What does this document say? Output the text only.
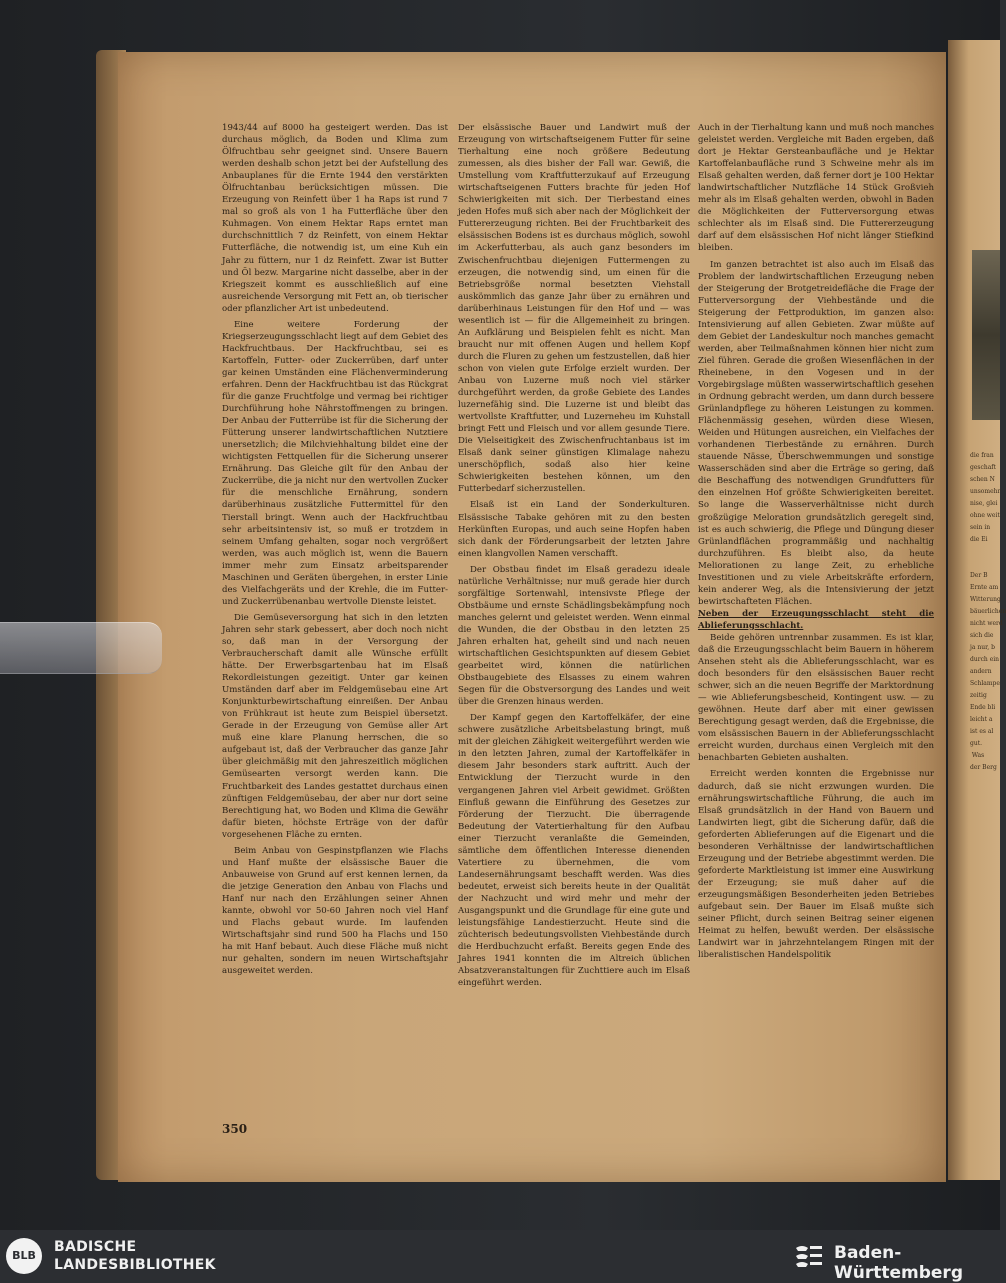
die fran
geschaft
schen N
unsomehr
nise, glei
ohne weit
sein in
die Ei

Der B
Ernte am
Witterung
bäuerlichen
nicht werd
sich die
ja nur, b
durch ein
andern
Schlampe
zeitig
Ende bli
leicht a
ist es al
gut.
Was
der Berg

1943/44 auf 8000 ha gesteigert werden. Das ist durchaus möglich, da Boden und Klima zum Ölfruchtbau sehr geeignet sind. Unsere Bauern werden deshalb schon jetzt bei der Aufstellung des Anbauplanes für die Ernte 1944 den verstärkten Ölfruchtanbau berücksichtigen müssen. Die Erzeugung von Reinfett über 1 ha Raps ist rund 7 mal so groß als von 1 ha Futterfläche über den Kuhmagen. Von einem Hektar Raps erntet man durchschnittlich 7 dz Reinfett, von einem Hektar Futterfläche, die notwendig ist, um eine Kuh ein Jahr zu füttern, nur 1 dz Reinfett. Zwar ist Butter und Öl bezw. Margarine nicht dasselbe, aber in der Kriegszeit kommt es ausschließlich auf eine ausreichende Versorgung mit Fett an, ob tierischer oder pflanzlicher Art ist unbedeutend.

Eine weitere Forderung der Kriegserzeugungsschlacht liegt auf dem Gebiet des Hackfruchtbaus. Der Hackfruchtbau, sei es Kartoffeln, Futter- oder Zuckerrüben, darf unter gar keinen Umständen eine Flächenverminderung erfahren. Denn der Hackfruchtbau ist das Rückgrat für die ganze Fruchtfolge und vermag bei richtiger Durchführung hohe Nährstoffmengen zu bringen. Der Anbau der Futterrübe ist für die Sicherung der Fütterung unserer landwirtschaftlichen Nutztiere unersetzlich; die Milchviehhaltung bildet eine der wichtigsten Fettquellen für die Sicherung unserer Ernährung. Das Gleiche gilt für den Anbau der Zuckerrübe, die ja nicht nur den wertvollen Zucker für die menschliche Ernährung, sondern darüberhinaus zusätzliche Futtermittel für den Tierstall bringt. Wenn auch der Hackfruchtbau sehr arbeitsintensiv ist, so muß er trotzdem in seinem Umfang gehalten, sogar noch vergrößert werden, was auch möglich ist, wenn die Bauern immer mehr zum Einsatz arbeitsparender Maschinen und Geräten übergehen, in erster Linie des Vielfachgeräts und der Krehle, die im Futter- und Zuckerrübenanbau wertvolle Dienste leistet.

Die Gemüseversorgung hat sich in den letzten Jahren sehr stark gebessert, aber doch noch nicht so, daß man in der Versorgung der Verbraucherschaft damit alle Wünsche erfüllt hätte. Der Erwerbsgartenbau hat im Elsaß Rekordleistungen gezeitigt. Unter gar keinen Umständen darf aber im Feldgemüsebau eine Art Konjunkturbewirtschaftung einreißen. Der Anbau von Frühkraut ist heute zum Beispiel übersetzt. Gerade in der Erzeugung von Gemüse aller Art muß eine klare Planung herrschen, die so aufgebaut ist, daß der Verbraucher das ganze Jahr über gleichmäßig mit den jahreszeitlich möglichen Gemüsearten versorgt werden kann. Die Fruchtbarkeit des Landes gestattet durchaus einen zünftigen Feldgemüsebau, der aber nur dort seine Berechtigung hat, wo Boden und Klima die Gewähr dafür bieten, höchste Erträge von der dafür vorgesehenen Fläche zu ernten.

Beim Anbau von Gespinstpflanzen wie Flachs und Hanf mußte der elsässische Bauer die Anbauweise von Grund auf erst kennen lernen, da die jetzige Generation den Anbau von Flachs und Hanf nur nach den Erzählungen seiner Ahnen kannte, obwohl vor 50-60 Jahren noch viel Hanf und Flachs gebaut wurde. Im laufenden Wirtschaftsjahr sind rund 500 ha Flachs und 150 ha mit Hanf bebaut. Auch diese Fläche muß nicht nur gehalten, sondern im neuen Wirtschaftsjahr ausgeweitet werden.

Der elsässische Bauer und Landwirt muß der Erzeugung von wirtschaftseigenem Futter für seine Tierhaltung eine noch größere Bedeutung zumessen, als dies bisher der Fall war. Gewiß, die Umstellung vom Kraftfutterzukauf auf Erzeugung wirtschaftseigenen Futters brachte für jeden Hof Schwierigkeiten mit sich. Der Tierbestand eines jeden Hofes muß sich aber nach der Möglichkeit der Futtererzeugung richten. Bei der Fruchtbarkeit des elsässischen Bodens ist es durchaus möglich, sowohl im Ackerfutterbau, als auch ganz besonders im Zwischenfruchtbau diejenigen Futtermengen zu erzeugen, die notwendig sind, um einen für die Betriebsgröße normal besetzten Viehstall auskömmlich das ganze Jahr über zu ernähren und darüberhinaus Leistungen für den Hof und — was wesentlich ist — für die Allgemeinheit zu bringen. An Aufklärung und Beispielen fehlt es nicht. Man braucht nur mit offenen Augen und hellem Kopf durch die Fluren zu gehen um festzustellen, daß hier schon von vielen gute Erfolge erzielt wurden. Der Anbau von Luzerne muß noch viel stärker durchgeführt werden, da große Gebiete des Landes luzernefähig sind. Die Luzerne ist und bleibt das wertvollste Kraftfutter, und Luzerneheu im Kuhstall bringt Fett und Fleisch und vor allem gesunde Tiere. Die Vielseitigkeit des Zwischenfruchtanbaus ist im Elsaß dank seiner günstigen Klimalage nahezu unerschöpflich, sodaß also hier keine Schwierigkeiten bestehen können, um den Futterbedarf sicherzustellen.

Elsaß ist ein Land der Sonderkulturen. Elsässische Tabake gehören mit zu den besten Herkünften Europas, und auch seine Hopfen haben sich dank der Förderungsarbeit der letzten Jahre einen klangvollen Namen verschafft.

Der Obstbau findet im Elsaß geradezu ideale natürliche Verhältnisse; nur muß gerade hier durch sorgfältige Sortenwahl, intensivste Pflege der Obstbäume und ernste Schädlingsbekämpfung noch manches gelernt und geleistet werden. Wenn einmal die Wunden, die der Obstbau in den letzten 25 Jahren erhalten hat, geheilt sind und nach neuen wirtschaftlichen Gesichtspunkten auf diesem Gebiet gearbeitet wird, können die natürlichen Obstbaugebiete des Elsasses zu einem wahren Segen für die Obstversorgung des Landes und weit über die Grenzen hinaus werden.

Der Kampf gegen den Kartoffelkäfer, der eine schwere zusätzliche Arbeitsbelastung bringt, muß mit der gleichen Zähigkeit weitergeführt werden wie in den letzten Jahren, zumal der Kartoffelkäfer in diesem Jahr besonders stark auftritt. Auch der Entwicklung der Tierzucht wurde in den vergangenen Jahren viel Arbeit gewidmet. Größten Einfluß gewann die Einführung des Gesetzes zur Förderung der Tierzucht. Die überragende Bedeutung der Vatertierhaltung für den Aufbau einer Tierzucht veranlaßte die Gemeinden, sämtliche dem öffentlichen Interesse dienenden Vatertiere zu übernehmen, die vom Landesernährungsamt beschafft werden. Was dies bedeutet, erweist sich bereits heute in der Qualität der Nachzucht und wird mehr und mehr der Ausgangspunkt und die Grundlage für eine gute und leistungsfähige Landestierzucht. Heute sind die züchterisch bedeutungsvollsten Viehbestände durch die Herdbuchzucht erfaßt. Bereits gegen Ende des Jahres 1941 konnten die im Altreich üblichen Absatzveranstaltungen für Zuchttiere auch im Elsaß eingeführt werden.

Auch in der Tierhaltung kann und muß noch manches geleistet werden. Vergleiche mit Baden ergeben, daß dort je Hektar Gersteanbaufläche und je Hektar Kartoffelanbaufläche rund 3 Schweine mehr als im Elsaß gehalten werden, daß ferner dort je 100 Hektar landwirtschaftlicher Nutzfläche 14 Stück Großvieh mehr als im Elsaß gehalten werden, obwohl in Baden die Möglichkeiten der Futterversorgung etwas schlechter als im Elsaß sind. Die Futtererzeugung darf auf dem elsässischen Hof nicht länger Stiefkind bleiben.

Im ganzen betrachtet ist also auch im Elsaß das Problem der landwirtschaftlichen Erzeugung neben der Steigerung der Brotgetreidefläche die Frage der Futterversorgung der Viehbestände und die Steigerung der Fettproduktion, im ganzen also: Intensivierung auf allen Gebieten. Zwar müßte auf dem Gebiet der Landeskultur noch manches gemacht werden, aber Teilmaßnahmen können hier nicht zum Ziel führen. Gerade die großen Wiesenflächen in der Rheinebene, in den Vogesen und in der Vorgebirgslage müßten wasserwirtschaftlich gesehen in Ordnung gebracht werden, um dann durch bessere Grünlandpflege zu höheren Leistungen zu kommen. Flächenmässig gesehen, würden diese Wiesen, Weiden und Hütungen ausreichen, ein Vielfaches der vorhandenen Tierbestände zu ernähren. Durch stauende Nässe, Überschwemmungen und sonstige Wasserschäden sind aber die Erträge so gering, daß die Beschaffung des notwendigen Grundfutters für den einzelnen Hof größte Schwierigkeiten bereitet. So lange die Wasserverhältnisse nicht durch großzügige Meloration grundsätzlich geregelt sind, ist es auch schwierig, die Pflege und Düngung dieser Grünlandflächen programmäßig und nachhaltig durchzuführen. Es bleibt also, da heute Meliorationen zu lange Zeit, zu erhebliche Investitionen und zu viele Arbeitskräfte erfordern, kein anderer Weg, als die Intensivierung der jetzt bewirtschafteten Flächen.

Neben der Erzeugungsschlacht steht die Ablieferungsschlacht.

Beide gehören untrennbar zusammen. Es ist klar, daß die Erzeugungsschlacht beim Bauern in höherem Ansehen steht als die Ablieferungsschlacht, war es doch besonders für den elsässischen Bauer recht schwer, sich an die neuen Begriffe der Marktordnung — wie Ablieferungsbescheid, Kontingent usw. — zu gewöhnen. Heute darf aber mit einer gewissen Berechtigung gesagt werden, daß die Ergebnisse, die vom elsässischen Bauern in der Ablieferungsschlacht erreicht wurden, durchaus einen Vergleich mit den benachbarten Gebieten aushalten.

Erreicht werden konnten die Ergebnisse nur dadurch, daß sie nicht erzwungen wurden. Die ernährungswirtschaftliche Führung, die auch im Elsaß grundsätzlich in der Hand von Bauern und Landwirten liegt, gibt die Sicherung dafür, daß die geforderten Ablieferungen auf die Eigenart und die besonderen Verhältnisse der landwirtschaftlichen Erzeugung und der Betriebe abgestimmt werden. Die geforderte Marktleistung ist immer eine Auswirkung der Erzeugung; sie muß daher auf die erzeugungsmäßigen Besonderheiten jeden Betriebes aufgebaut sein. Der Bauer im Elsaß mußte sich seiner Pflicht, durch seinen Beitrag seiner eigenen Heimat zu helfen, bewußt werden. Der elsässische Landwirt war in jahrzehntelangem Ringen mit der liberalistischen Handelspolitik

350
BLB
BADISCHE
LANDESBIBLIOTHEK
Baden-Württemberg
